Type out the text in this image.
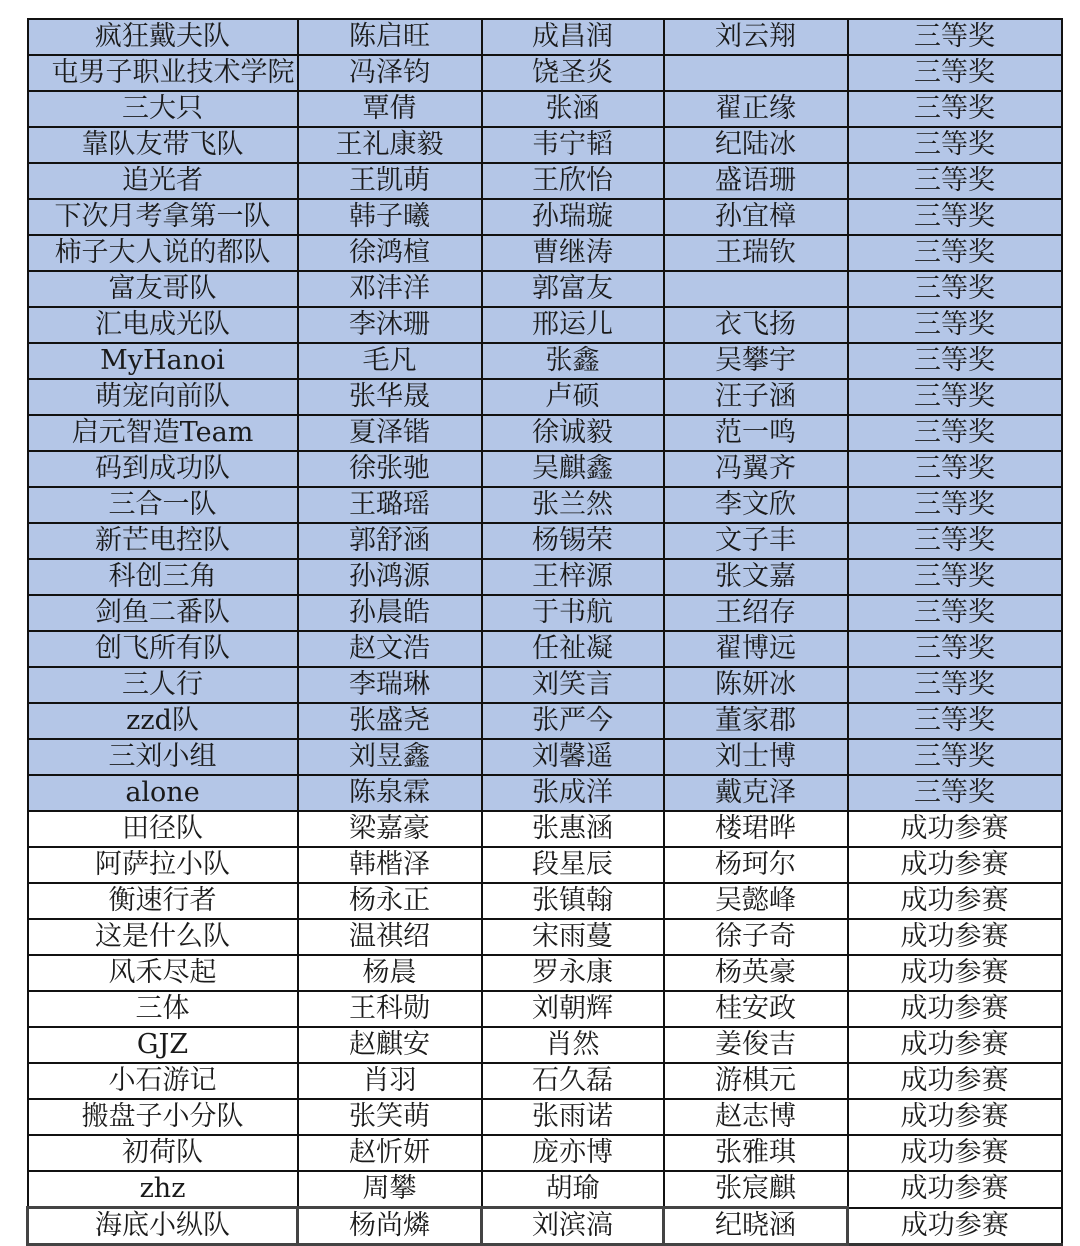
疯狂戴夫队	陈启旺	成昌润	刘云翔	三等奖
屯男子职业技术学院	冯泽钧	饶圣炎		三等奖
三大只	覃倩	张涵	翟正缘	三等奖
靠队友带飞队	王礼康毅	韦宁韬	纪陆冰	三等奖
追光者	王凯萌	王欣怡	盛语珊	三等奖
下次月考拿第一队	韩子曦	孙瑞璇	孙宜樟	三等奖
柿子大人说的都队	徐鸿楦	曹继涛	王瑞钦	三等奖
富友哥队	邓沣洋	郭富友		三等奖
汇电成光队	李沐珊	邢运儿	衣飞扬	三等奖
MyHanoi	毛凡	张鑫	吴攀宇	三等奖
萌宠向前队	张华晟	卢硕	汪子涵	三等奖
启元智造Team	夏泽锴	徐诚毅	范一鸣	三等奖
码到成功队	徐张驰	吴麒鑫	冯翼齐	三等奖
三合一队	王璐瑶	张兰然	李文欣	三等奖
新芒电控队	郭舒涵	杨锡荣	文子丰	三等奖
科创三角	孙鸿源	王梓源	张文嘉	三等奖
剑鱼二番队	孙晨皓	于书航	王绍存	三等奖
创飞所有队	赵文浩	任祉凝	翟博远	三等奖
三人行	李瑞琳	刘笑言	陈妍冰	三等奖
zzd队	张盛尧	张严今	董家郡	三等奖
三刘小组	刘昱鑫	刘馨遥	刘士博	三等奖
alone	陈泉霖	张成洋	戴克泽	三等奖
田径队	梁嘉豪	张惠涵	楼珺晔	成功参赛
阿萨拉小队	韩楷泽	段星辰	杨珂尔	成功参赛
衡速行者	杨永正	张镇翰	吴懿峰	成功参赛
这是什么队	温祺绍	宋雨蔓	徐子奇	成功参赛
风禾尽起	杨晨	罗永康	杨英豪	成功参赛
三体	王科勋	刘朝辉	桂安政	成功参赛
GJZ	赵麒安	肖然	姜俊吉	成功参赛
小石游记	肖羽	石久磊	游棋元	成功参赛
搬盘子小分队	张笑萌	张雨诺	赵志博	成功参赛
初荷队	赵忻妍	庞亦博	张雅琪	成功参赛
zhz	周攀	胡瑜	张宸麒	成功参赛
海底小纵队	杨尚燐	刘滨滈	纪晓涵	成功参赛
